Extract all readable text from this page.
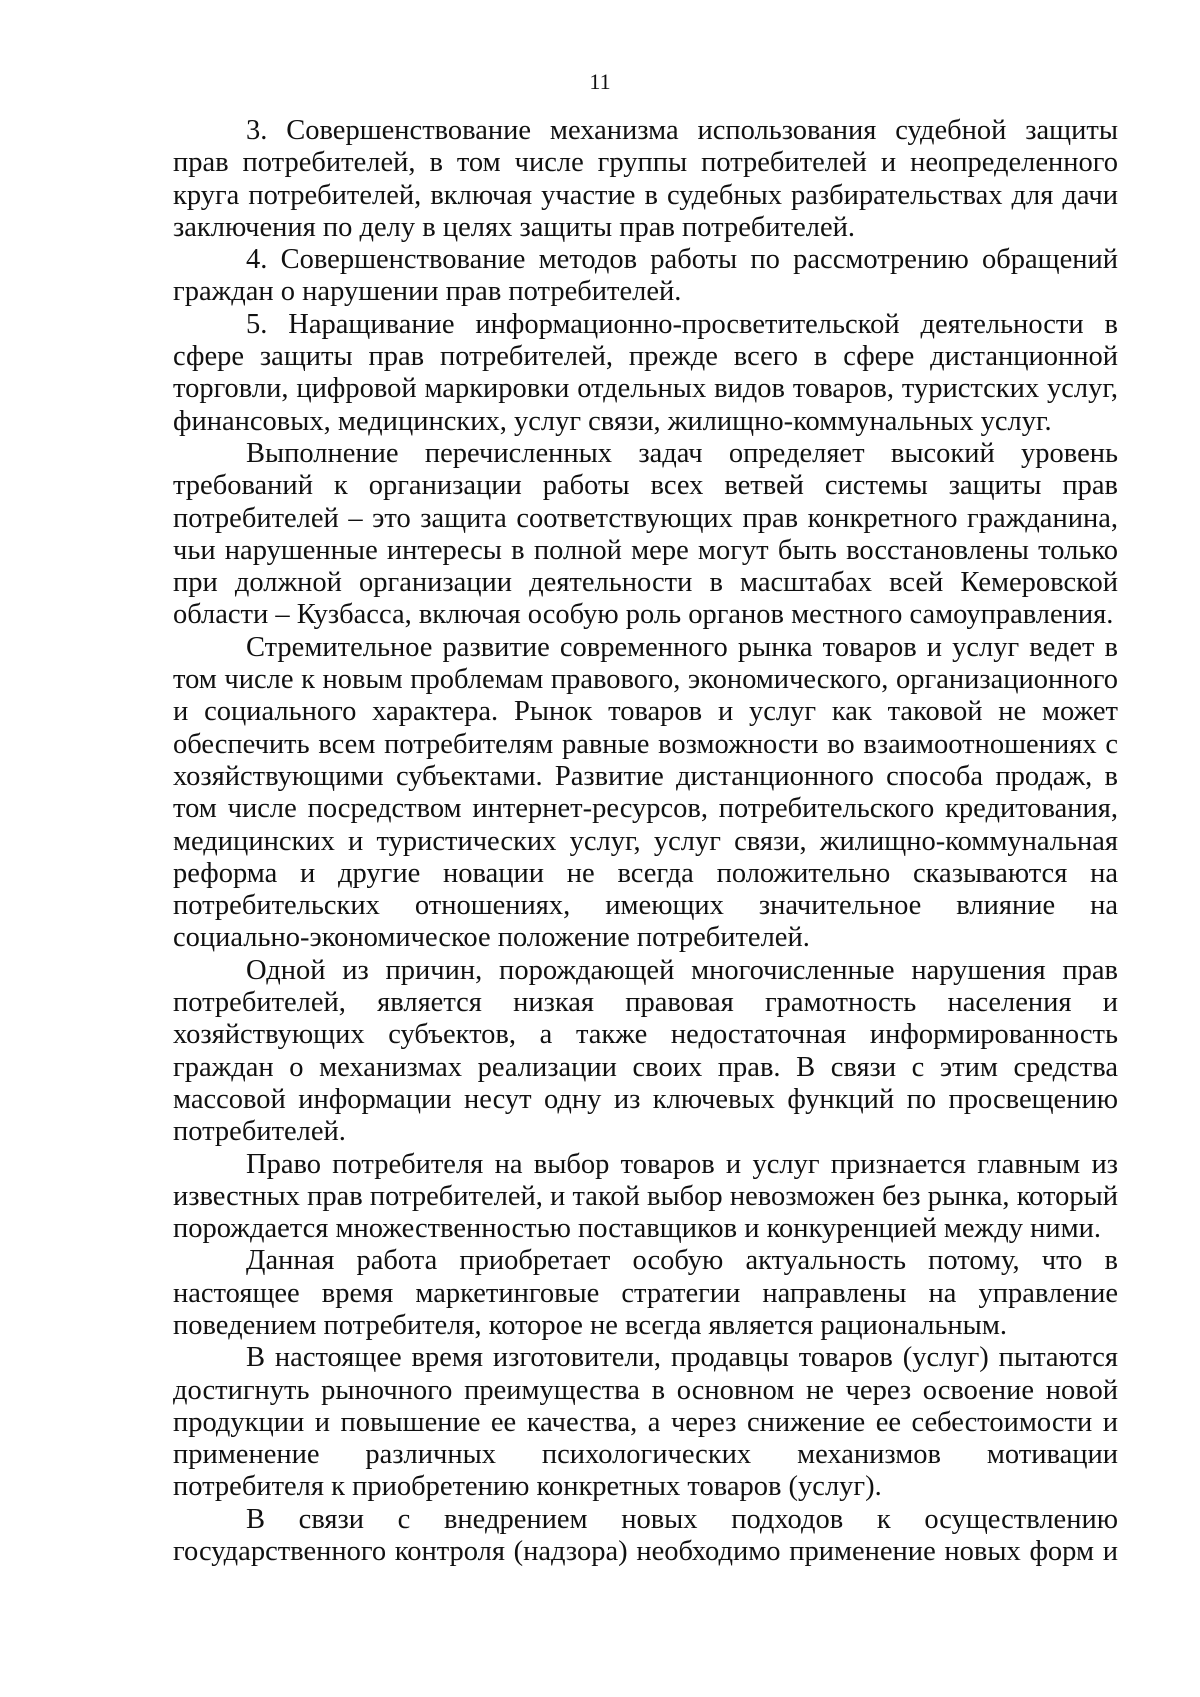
11

3. Совершенствование механизма использования судебной защиты прав потребителей, в том числе группы потребителей и неопределенного круга потребителей, включая участие в судебных разбирательствах для дачи заключения по делу в целях защиты прав потребителей.

4. Совершенствование методов работы по рассмотрению обращений граждан о нарушении прав потребителей.

5. Наращивание информационно-просветительской деятельности в сфере защиты прав потребителей, прежде всего в сфере дистанционной торговли, цифровой маркировки отдельных видов товаров, туристских услуг, финансовых, медицинских, услуг связи, жилищно-коммунальных услуг.

Выполнение перечисленных задач определяет высокий уровень требований к организации работы всех ветвей системы защиты прав потребителей – это защита соответствующих прав конкретного гражданина, чьи нарушенные интересы в полной мере могут быть восстановлены только при должной организации деятельности в масштабах всей Кемеровской области – Кузбасса, включая особую роль органов местного самоуправления.

Стремительное развитие современного рынка товаров и услуг ведет в том числе к новым проблемам правового, экономического, организационного и социального характера. Рынок товаров и услуг как таковой не может обеспечить всем потребителям равные возможности во взаимоотношениях с хозяйствующими субъектами. Развитие дистанционного способа продаж, в том числе посредством интернет-ресурсов, потребительского кредитования, медицинских и туристических услуг, услуг связи, жилищно-коммунальная реформа и другие новации не всегда положительно сказываются на потребительских отношениях, имеющих значительное влияние на социально-экономическое положение потребителей.

Одной из причин, порождающей многочисленные нарушения прав потребителей, является низкая правовая грамотность населения и хозяйствующих субъектов, а также недостаточная информированность граждан о механизмах реализации своих прав. В связи с этим средства массовой информации несут одну из ключевых функций по просвещению потребителей.

Право потребителя на выбор товаров и услуг признается главным из известных прав потребителей, и такой выбор невозможен без рынка, который порождается множественностью поставщиков и конкуренцией между ними.

Данная работа приобретает особую актуальность потому, что в настоящее время маркетинговые стратегии направлены на управление поведением потребителя, которое не всегда является рациональным.

В настоящее время изготовители, продавцы товаров (услуг) пытаются достигнуть рыночного преимущества в основном не через освоение новой продукции и повышение ее качества, а через снижение ее себестоимости и применение различных психологических механизмов мотивации потребителя к приобретению конкретных товаров (услуг).

В связи с внедрением новых подходов к осуществлению государственного контроля (надзора) необходимо применение новых форм и
